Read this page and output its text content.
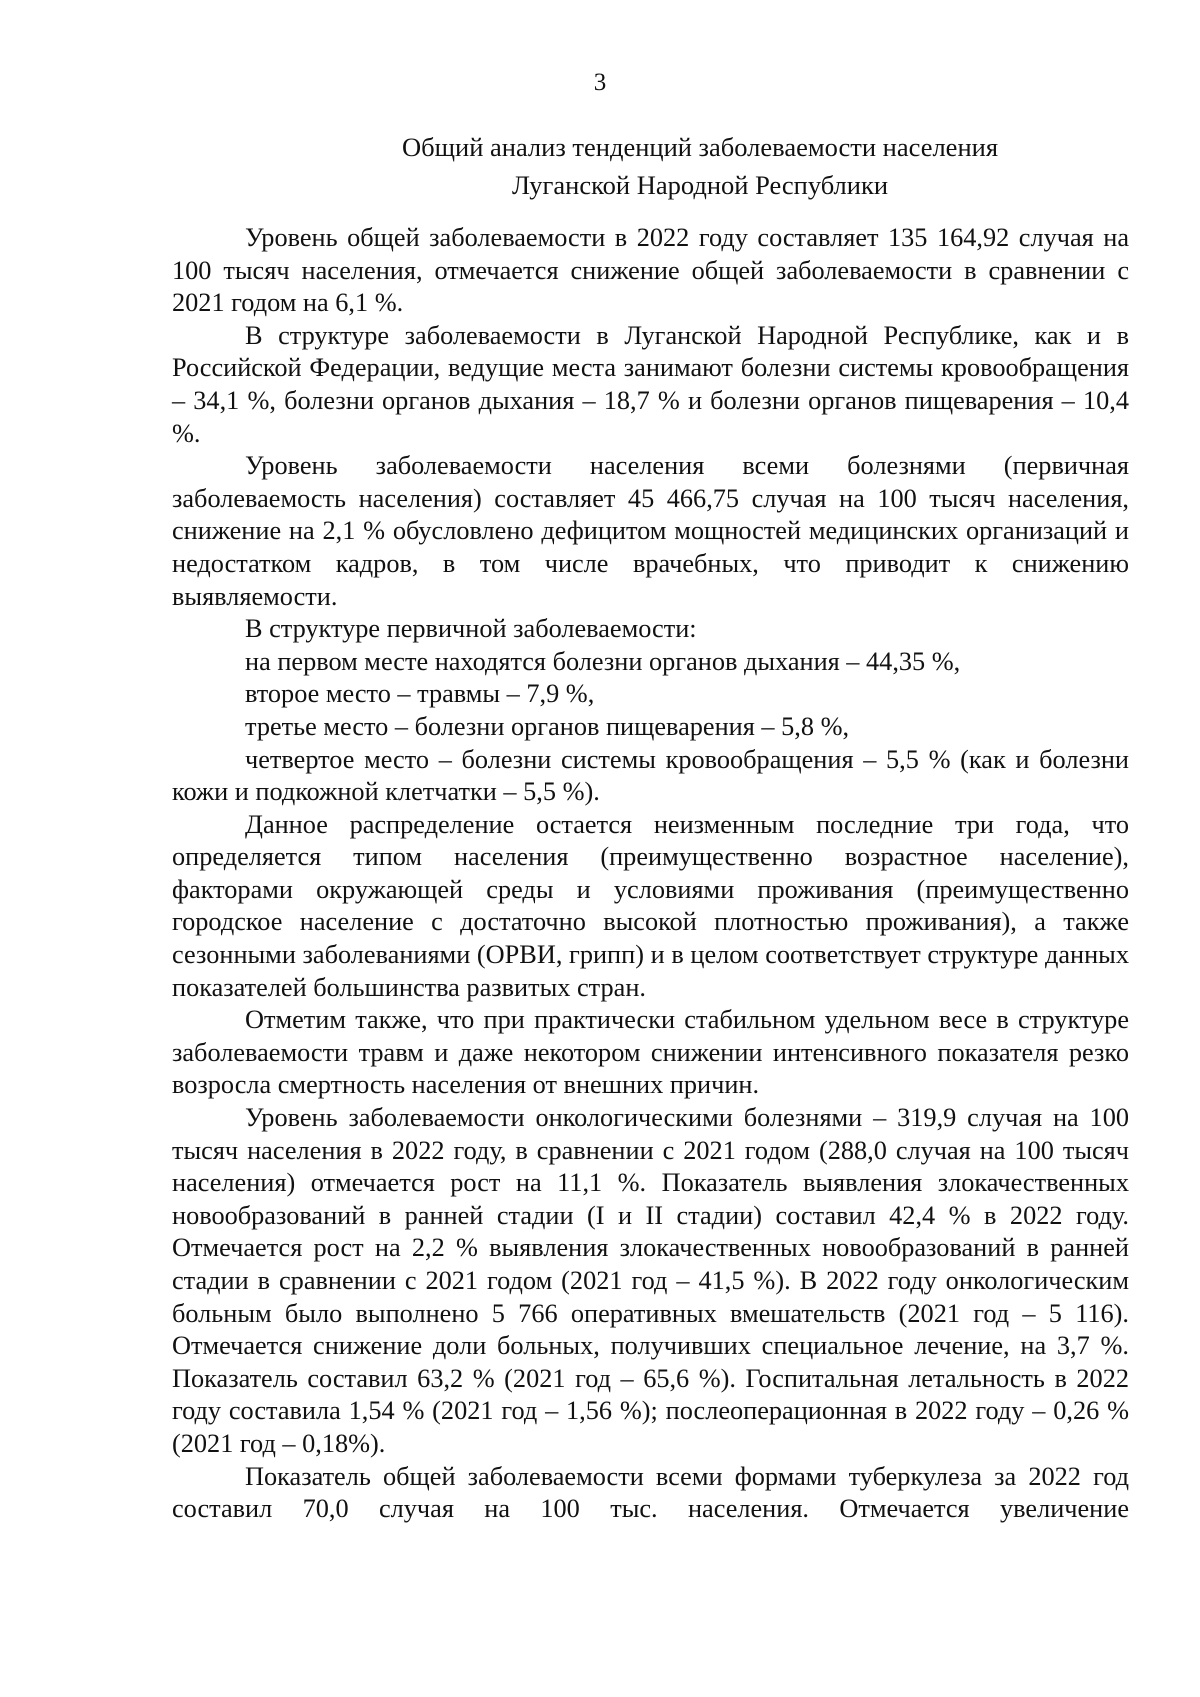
3

Общий анализ тенденций заболеваемости населения
Луганской Народной Республики

Уровень общей заболеваемости в 2022 году составляет 135 164,92 случая на 100 тысяч населения, отмечается снижение общей заболеваемости в сравнении с 2021 годом на 6,1 %.

В структуре заболеваемости в Луганской Народной Республике, как и в Российской Федерации, ведущие места занимают болезни системы кровообращения – 34,1 %, болезни органов дыхания – 18,7 % и болезни органов пищеварения – 10,4 %.

Уровень заболеваемости населения всеми болезнями (первичная заболеваемость населения) составляет 45 466,75 случая на 100 тысяч населения, снижение на 2,1 % обусловлено дефицитом мощностей медицинских организаций и недостатком кадров, в том числе врачебных, что приводит к снижению выявляемости.

В структуре первичной заболеваемости:

на первом месте находятся болезни органов дыхания – 44,35 %,

второе место – травмы – 7,9 %,

третье место – болезни органов пищеварения – 5,8 %,

четвертое место – болезни системы кровообращения – 5,5 % (как и болезни кожи и подкожной клетчатки – 5,5 %).

Данное распределение остается неизменным последние три года, что определяется типом населения (преимущественно возрастное население), факторами окружающей среды и условиями проживания (преимущественно городское население с достаточно высокой плотностью проживания), а также сезонными заболеваниями (ОРВИ, грипп) и в целом соответствует структуре данных показателей большинства развитых стран.

Отметим также, что при практически стабильном удельном весе в структуре заболеваемости травм и даже некотором снижении интенсивного показателя резко возросла смертность населения от внешних причин.

Уровень заболеваемости онкологическими болезнями – 319,9 случая на 100 тысяч населения в 2022 году, в сравнении с 2021 годом (288,0 случая на 100 тысяч населения) отмечается рост на 11,1 %. Показатель выявления злокачественных новообразований в ранней стадии (I и II стадии) составил 42,4 % в 2022 году. Отмечается рост на 2,2 % выявления злокачественных новообразований в ранней стадии в сравнении с 2021 годом (2021 год – 41,5 %). В 2022 году онкологическим больным было выполнено 5 766 оперативных вмешательств (2021 год – 5 116). Отмечается снижение доли больных, получивших специальное лечение, на 3,7 %. Показатель составил 63,2 % (2021 год – 65,6 %). Госпитальная летальность в 2022 году составила 1,54 % (2021 год – 1,56 %); послеоперационная в 2022 году – 0,26 % (2021 год – 0,18%).

Показатель общей заболеваемости всеми формами туберкулеза за 2022 год составил 70,0 случая на 100 тыс. населения. Отмечается увеличение
